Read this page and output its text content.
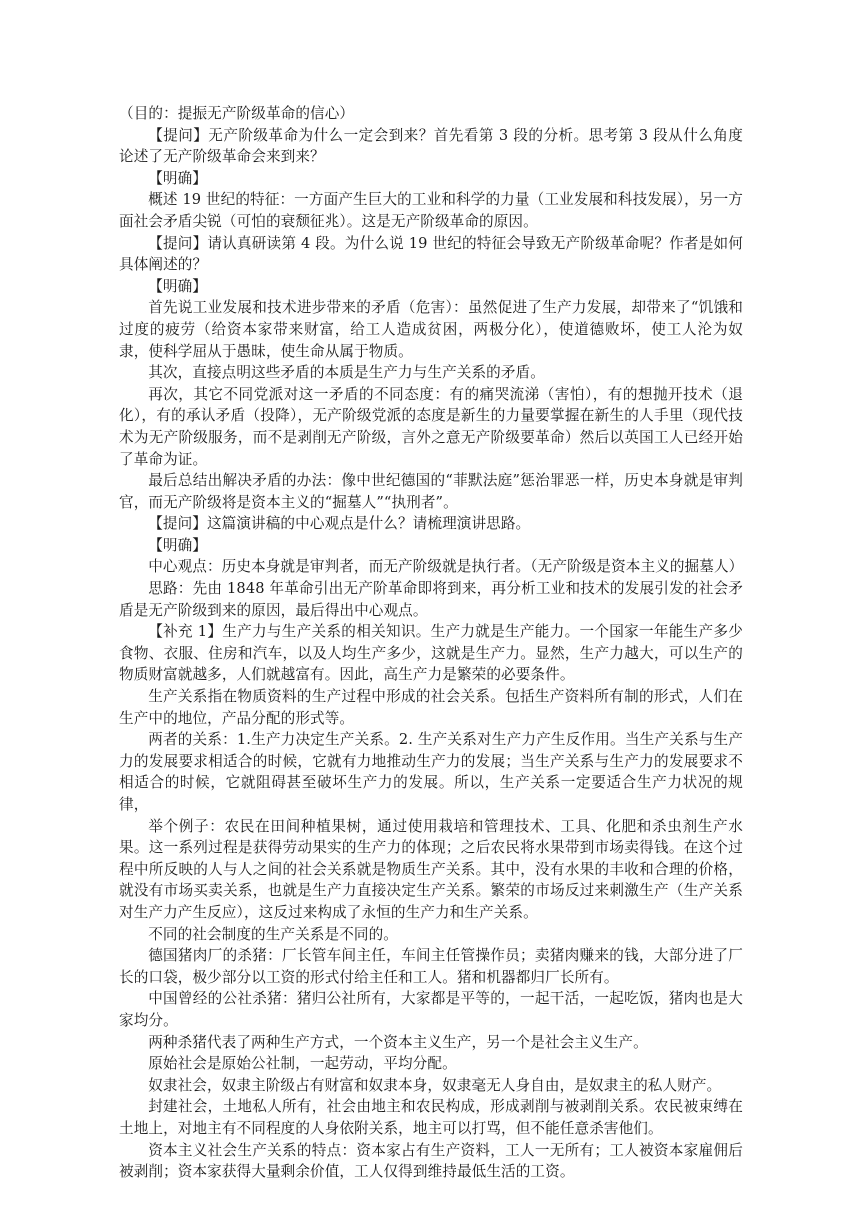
（目的：提振无产阶级革命的信心）

【提问】无产阶级革命为什么一定会到来？首先看第 3 段的分析。思考第 3 段从什么角度论述了无产阶级革命会来到来？

【明确】

概述 19 世纪的特征：一方面产生巨大的工业和科学的力量（工业发展和科技发展），另一方面社会矛盾尖锐（可怕的衰颓征兆）。这是无产阶级革命的原因。

【提问】请认真研读第 4 段。为什么说 19 世纪的特征会导致无产阶级革命呢？作者是如何具体阐述的？

【明确】

首先说工业发展和技术进步带来的矛盾（危害）：虽然促进了生产力发展，却带来了“饥饿和过度的疲劳（给资本家带来财富，给工人造成贫困，两极分化），使道德败坏，使工人沦为奴隶，使科学屈从于愚昧，使生命从属于物质。

其次，直接点明这些矛盾的本质是生产力与生产关系的矛盾。

再次，其它不同党派对这一矛盾的不同态度：有的痛哭流涕（害怕），有的想抛开技术（退化），有的承认矛盾（投降），无产阶级党派的态度是新生的力量要掌握在新生的人手里（现代技术为无产阶级服务，而不是剥削无产阶级，言外之意无产阶级要革命）然后以英国工人已经开始了革命为证。

最后总结出解决矛盾的办法：像中世纪德国的“菲默法庭”惩治罪恶一样，历史本身就是审判官，而无产阶级将是资本主义的“掘墓人”“执刑者”。

【提问】这篇演讲稿的中心观点是什么？请梳理演讲思路。

【明确】

中心观点：历史本身就是审判者，而无产阶级就是执行者。（无产阶级是资本主义的掘墓人）

思路：先由 1848 年革命引出无产阶革命即将到来，再分析工业和技术的发展引发的社会矛盾是无产阶级到来的原因，最后得出中心观点。

【补充 1】生产力与生产关系的相关知识。生产力就是生产能力。一个国家一年能生产多少食物、衣服、住房和汽车，以及人均生产多少，这就是生产力。显然，生产力越大，可以生产的物质财富就越多，人们就越富有。因此，高生产力是繁荣的必要条件。

生产关系指在物质资料的生产过程中形成的社会关系。包括生产资料所有制的形式，人们在生产中的地位，产品分配的形式等。

两者的关系：1.生产力决定生产关系。2. 生产关系对生产力产生反作用。当生产关系与生产力的发展要求相适合的时候，它就有力地推动生产力的发展；当生产关系与生产力的发展要求不相适合的时候，它就阻碍甚至破坏生产力的发展。所以，生产关系一定要适合生产力状况的规律，

举个例子：农民在田间种植果树，通过使用栽培和管理技术、工具、化肥和杀虫剂生产水果。这一系列过程是获得劳动果实的生产力的体现；之后农民将水果带到市场卖得钱。在这个过程中所反映的人与人之间的社会关系就是物质生产关系。其中，没有水果的丰收和合理的价格，就没有市场买卖关系，也就是生产力直接决定生产关系。繁荣的市场反过来刺激生产（生产关系对生产力产生反应），这反过来构成了永恒的生产力和生产关系。

不同的社会制度的生产关系是不同的。

德国猪肉厂的杀猪：厂长管车间主任，车间主任管操作员；卖猪肉赚来的钱，大部分进了厂长的口袋，极少部分以工资的形式付给主任和工人。猪和机器都归厂长所有。

中国曾经的公社杀猪：猪归公社所有，大家都是平等的，一起干活，一起吃饭，猪肉也是大家均分。

两种杀猪代表了两种生产方式，一个资本主义生产，另一个是社会主义生产。

原始社会是原始公社制，一起劳动，平均分配。

奴隶社会，奴隶主阶级占有财富和奴隶本身，奴隶毫无人身自由，是奴隶主的私人财产。

封建社会，土地私人所有，社会由地主和农民构成，形成剥削与被剥削关系。农民被束缚在土地上，对地主有不同程度的人身依附关系，地主可以打骂，但不能任意杀害他们。

资本主义社会生产关系的特点：资本家占有生产资料，工人一无所有；工人被资本家雇佣后被剥削；资本家获得大量剩余价值，工人仅得到维持最低生活的工资。
